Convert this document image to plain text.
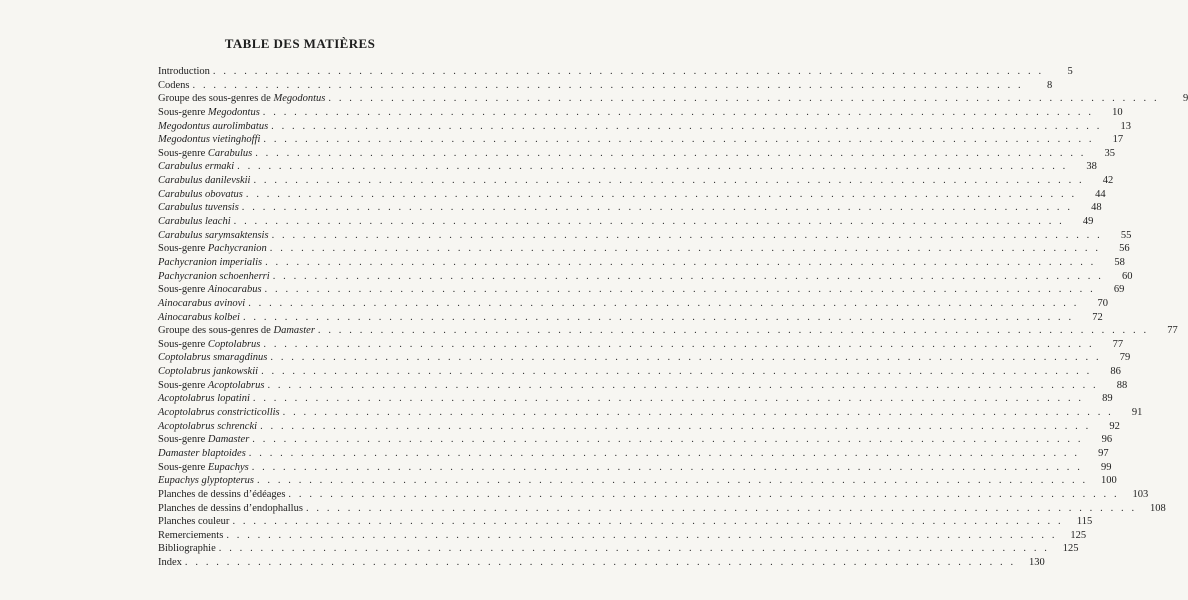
TABLE DES MATIÈRES
Introduction . . . . . . . . . . . . . . . . . . . . . . . . . . . . . . . . . . . . . . . . . . . . . . . . . . . . . . . . . . . . . . . . . . . . . . . . . . . . . . . .	5
Codens . . . . . . . . . . . . . . . . . . . . . . . . . . . . . . . . . . . . . . . . . . . . . . . . . . . . . . . . . . . . . . . . . . . . . . . . . . . . . . . .	8
Groupe des sous-genres de Megodontus . . . . . . . . . . . . . . . . . . . . . . . . . . . . . . . . . . . . . . . . . . . . . . . . . . . . . . . . . . . . . . . . . . . . . . . . . . . . . . . .	9
Sous-genre Megodontus . . . . . . . . . . . . . . . . . . . . . . . . . . . . . . . . . . . . . . . . . . . . . . . . . . . . . . . . . . . . . . . . . . . . . . . . . . . . . . . .	10
Megodontus aurolimbatus . . . . . . . . . . . . . . . . . . . . . . . . . . . . . . . . . . . . . . . . . . . . . . . . . . . . . . . . . . . . . . . . . . . . . . . . . . . . . . . .	13
Megodontus vietinghoffi . . . . . . . . . . . . . . . . . . . . . . . . . . . . . . . . . . . . . . . . . . . . . . . . . . . . . . . . . . . . . . . . . . . . . . . . . . . . . . . .	17
Sous-genre Carabulus . . . . . . . . . . . . . . . . . . . . . . . . . . . . . . . . . . . . . . . . . . . . . . . . . . . . . . . . . . . . . . . . . . . . . . . . . . . . . . . .	35
Carabulus ermaki . . . . . . . . . . . . . . . . . . . . . . . . . . . . . . . . . . . . . . . . . . . . . . . . . . . . . . . . . . . . . . . . . . . . . . . . . . . . . . . .	38
Carabulus danilevskii . . . . . . . . . . . . . . . . . . . . . . . . . . . . . . . . . . . . . . . . . . . . . . . . . . . . . . . . . . . . . . . . . . . . . . . . . . . . . . . .	42
Carabulus obovatus . . . . . . . . . . . . . . . . . . . . . . . . . . . . . . . . . . . . . . . . . . . . . . . . . . . . . . . . . . . . . . . . . . . . . . . . . . . . . . . .	44
Carabulus tuvensis . . . . . . . . . . . . . . . . . . . . . . . . . . . . . . . . . . . . . . . . . . . . . . . . . . . . . . . . . . . . . . . . . . . . . . . . . . . . . . . .	48
Carabulus leachi . . . . . . . . . . . . . . . . . . . . . . . . . . . . . . . . . . . . . . . . . . . . . . . . . . . . . . . . . . . . . . . . . . . . . . . . . . . . . . . .	49
Carabulus sarymsaktensis . . . . . . . . . . . . . . . . . . . . . . . . . . . . . . . . . . . . . . . . . . . . . . . . . . . . . . . . . . . . . . . . . . . . . . . . . . . . . . . .	55
Sous-genre Pachycranion . . . . . . . . . . . . . . . . . . . . . . . . . . . . . . . . . . . . . . . . . . . . . . . . . . . . . . . . . . . . . . . . . . . . . . . . . . . . . . . .	56
Pachycranion imperialis . . . . . . . . . . . . . . . . . . . . . . . . . . . . . . . . . . . . . . . . . . . . . . . . . . . . . . . . . . . . . . . . . . . . . . . . . . . . . . . .	58
Pachycranion schoenherri . . . . . . . . . . . . . . . . . . . . . . . . . . . . . . . . . . . . . . . . . . . . . . . . . . . . . . . . . . . . . . . . . . . . . . . . . . . . . . . .	60
Sous-genre Ainocarabus . . . . . . . . . . . . . . . . . . . . . . . . . . . . . . . . . . . . . . . . . . . . . . . . . . . . . . . . . . . . . . . . . . . . . . . . . . . . . . . .	69
Ainocarabus avinovi . . . . . . . . . . . . . . . . . . . . . . . . . . . . . . . . . . . . . . . . . . . . . . . . . . . . . . . . . . . . . . . . . . . . . . . . . . . . . . . .	70
Ainocarabus kolbei . . . . . . . . . . . . . . . . . . . . . . . . . . . . . . . . . . . . . . . . . . . . . . . . . . . . . . . . . . . . . . . . . . . . . . . . . . . . . . . .	72
Groupe des sous-genres de Damaster . . . . . . . . . . . . . . . . . . . . . . . . . . . . . . . . . . . . . . . . . . . . . . . . . . . . . . . . . . . . . . . . . . . . . . . . . . . . . . . .	77
Sous-genre Coptolabrus . . . . . . . . . . . . . . . . . . . . . . . . . . . . . . . . . . . . . . . . . . . . . . . . . . . . . . . . . . . . . . . . . . . . . . . . . . . . . . . .	77
Coptolabrus smaragdinus . . . . . . . . . . . . . . . . . . . . . . . . . . . . . . . . . . . . . . . . . . . . . . . . . . . . . . . . . . . . . . . . . . . . . . . . . . . . . . . .	79
Coptolabrus jankowskii . . . . . . . . . . . . . . . . . . . . . . . . . . . . . . . . . . . . . . . . . . . . . . . . . . . . . . . . . . . . . . . . . . . . . . . . . . . . . . . .	86
Sous-genre Acoptolabrus . . . . . . . . . . . . . . . . . . . . . . . . . . . . . . . . . . . . . . . . . . . . . . . . . . . . . . . . . . . . . . . . . . . . . . . . . . . . . . . .	88
Acoptolabrus lopatini . . . . . . . . . . . . . . . . . . . . . . . . . . . . . . . . . . . . . . . . . . . . . . . . . . . . . . . . . . . . . . . . . . . . . . . . . . . . . . . .	89
Acoptolabrus constricticollis . . . . . . . . . . . . . . . . . . . . . . . . . . . . . . . . . . . . . . . . . . . . . . . . . . . . . . . . . . . . . . . . . . . . . . . . . . . . . . . .	91
Acoptolabrus schrencki . . . . . . . . . . . . . . . . . . . . . . . . . . . . . . . . . . . . . . . . . . . . . . . . . . . . . . . . . . . . . . . . . . . . . . . . . . . . . . . .	92
Sous-genre Damaster . . . . . . . . . . . . . . . . . . . . . . . . . . . . . . . . . . . . . . . . . . . . . . . . . . . . . . . . . . . . . . . . . . . . . . . . . . . . . . . .	96
Damaster blaptoides . . . . . . . . . . . . . . . . . . . . . . . . . . . . . . . . . . . . . . . . . . . . . . . . . . . . . . . . . . . . . . . . . . . . . . . . . . . . . . . .	97
Sous-genre Eupachys . . . . . . . . . . . . . . . . . . . . . . . . . . . . . . . . . . . . . . . . . . . . . . . . . . . . . . . . . . . . . . . . . . . . . . . . . . . . . . . .	99
Eupachys glyptopterus . . . . . . . . . . . . . . . . . . . . . . . . . . . . . . . . . . . . . . . . . . . . . . . . . . . . . . . . . . . . . . . . . . . . . . . . . . . . . . . .	100
Planches de dessins d’édéages . . . . . . . . . . . . . . . . . . . . . . . . . . . . . . . . . . . . . . . . . . . . . . . . . . . . . . . . . . . . . . . . . . . . . . . . . . . . . . . .	103
Planches de dessins d’endophallus . . . . . . . . . . . . . . . . . . . . . . . . . . . . . . . . . . . . . . . . . . . . . . . . . . . . . . . . . . . . . . . . . . . . . . . . . . . . . . . .	108
Planches couleur . . . . . . . . . . . . . . . . . . . . . . . . . . . . . . . . . . . . . . . . . . . . . . . . . . . . . . . . . . . . . . . . . . . . . . . . . . . . . . . .	115
Remerciements . . . . . . . . . . . . . . . . . . . . . . . . . . . . . . . . . . . . . . . . . . . . . . . . . . . . . . . . . . . . . . . . . . . . . . . . . . . . . . . .	125
Bibliographie . . . . . . . . . . . . . . . . . . . . . . . . . . . . . . . . . . . . . . . . . . . . . . . . . . . . . . . . . . . . . . . . . . . . . . . . . . . . . . . .	125
Index . . . . . . . . . . . . . . . . . . . . . . . . . . . . . . . . . . . . . . . . . . . . . . . . . . . . . . . . . . . . . . . . . . . . . . . . . . . . . . . .	130
